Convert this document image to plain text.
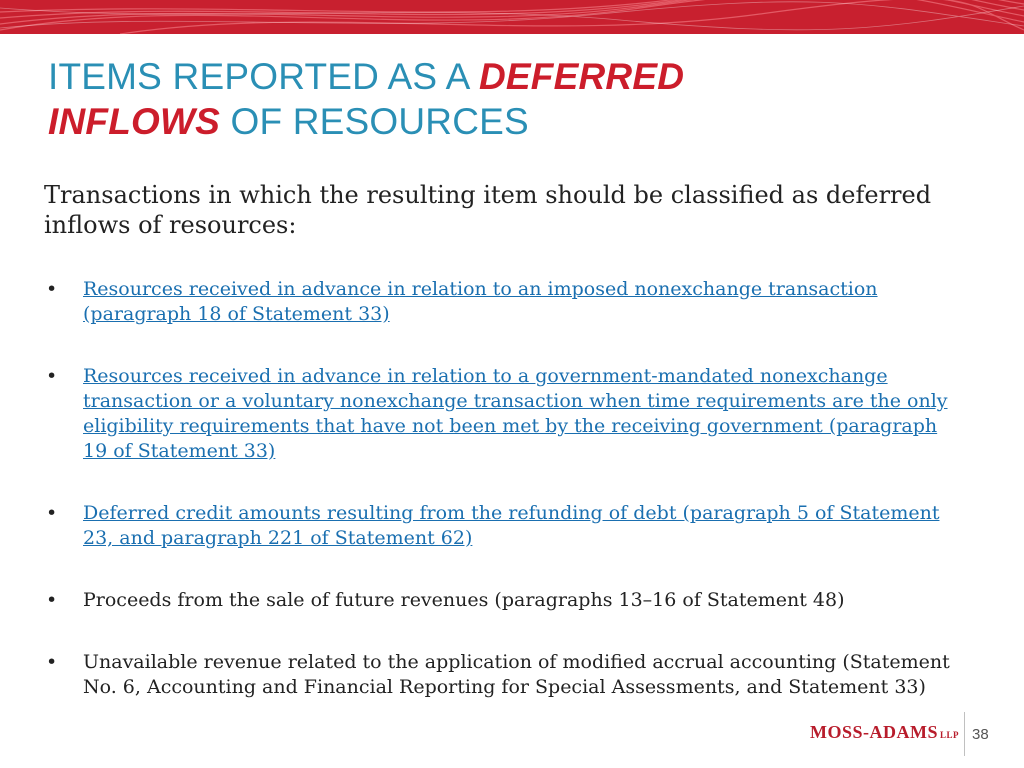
ITEMS REPORTED AS A DEFERRED
INFLOWS OF RESOURCES

Transactions in which the resulting item should be classified as deferred inflows of resources:

• Resources received in advance in relation to an imposed nonexchange transaction (paragraph 18 of Statement 33)
• Resources received in advance in relation to a government-mandated nonexchange transaction or a voluntary nonexchange transaction when time requirements are the only eligibility requirements that have not been met by the receiving government (paragraph 19 of Statement 33)
• Deferred credit amounts resulting from the refunding of debt (paragraph 5 of Statement 23, and paragraph 221 of Statement 62)
• Proceeds from the sale of future revenues (paragraphs 13–16 of Statement 48)
• Unavailable revenue related to the application of modified accrual accounting (Statement No. 6, Accounting and Financial Reporting for Special Assessments, and Statement 33)
MOSS-ADAMS LLP 38
